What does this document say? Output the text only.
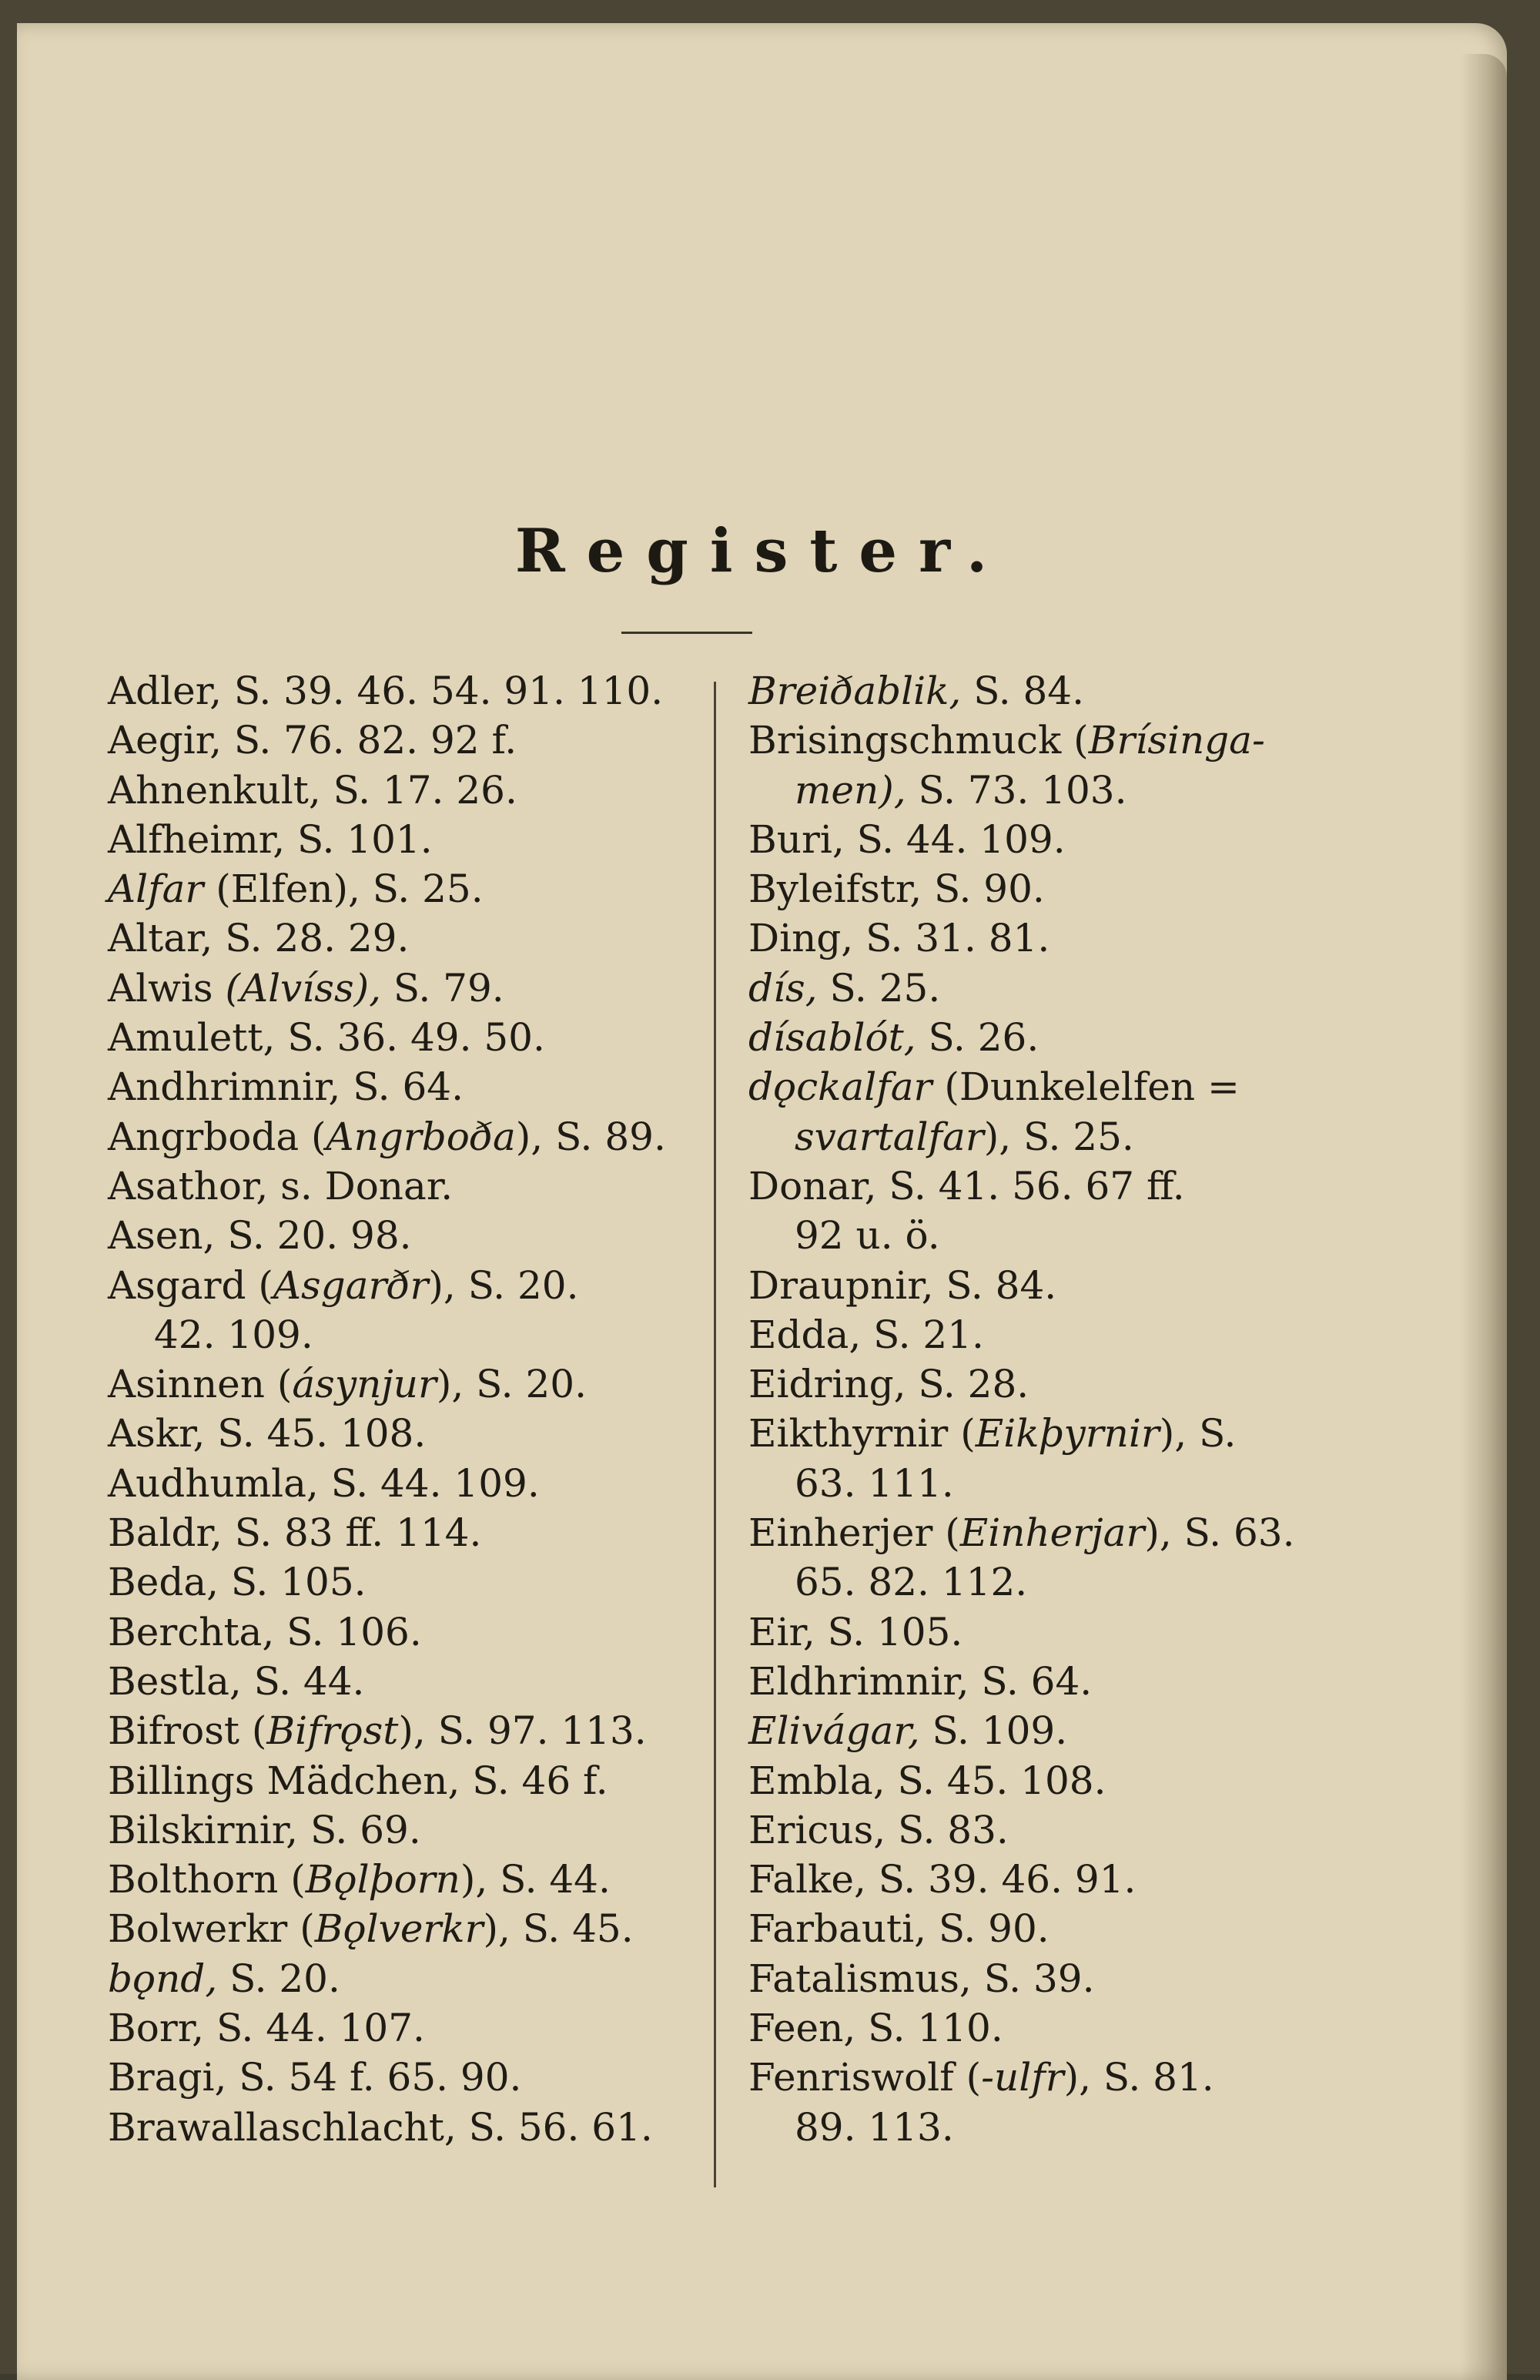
Register.
Adler, S. 39. 46. 54. 91. 110.
Aegir, S. 76. 82. 92 f.
Ahnenkult, S. 17. 26.
Alfheimr, S. 101.
Alfar (Elfen), S. 25.
Altar, S. 28. 29.
Alwis (Alvíss), S. 79.
Amulett, S. 36. 49. 50.
Andhrimnir, S. 64.
Angrboda (Angrboða), S. 89.
Asathor, s. Donar.
Asen, S. 20. 98.
Asgard (Asgarðr), S. 20.
42. 109.
Asinnen (ásynjur), S. 20.
Askr, S. 45. 108.
Audhumla, S. 44. 109.
Baldr, S. 83 ff. 114.
Beda, S. 105.
Berchta, S. 106.
Bestla, S. 44.
Bifrost (Bifrǫst), S. 97. 113.
Billings Mädchen, S. 46 f.
Bilskirnir, S. 69.
Bolthorn (Bǫlþorn), S. 44.
Bolwerkr (Bǫlverkr), S. 45.
bǫnd, S. 20.
Borr, S. 44. 107.
Bragi, S. 54 f. 65. 90.
Brawallaschlacht, S. 56. 61.
Breiðablik, S. 84.
Brisingschmuck (Brísinga-
men), S. 73. 103.
Buri, S. 44. 109.
Byleifstr, S. 90.
Ding, S. 31. 81.
dís, S. 25.
dísablót, S. 26.
dǫckalfar (Dunkelelfen =
svartalfar), S. 25.
Donar, S. 41. 56. 67 ff.
92 u. ö.
Draupnir, S. 84.
Edda, S. 21.
Eidring, S. 28.
Eikthyrnir (Eikþyrnir), S.
63. 111.
Einherjer (Einherjar), S. 63.
65. 82. 112.
Eir, S. 105.
Eldhrimnir, S. 64.
Elivágar, S. 109.
Embla, S. 45. 108.
Ericus, S. 83.
Falke, S. 39. 46. 91.
Farbauti, S. 90.
Fatalismus, S. 39.
Feen, S. 110.
Fenriswolf (-ulfr), S. 81.
89. 113.
